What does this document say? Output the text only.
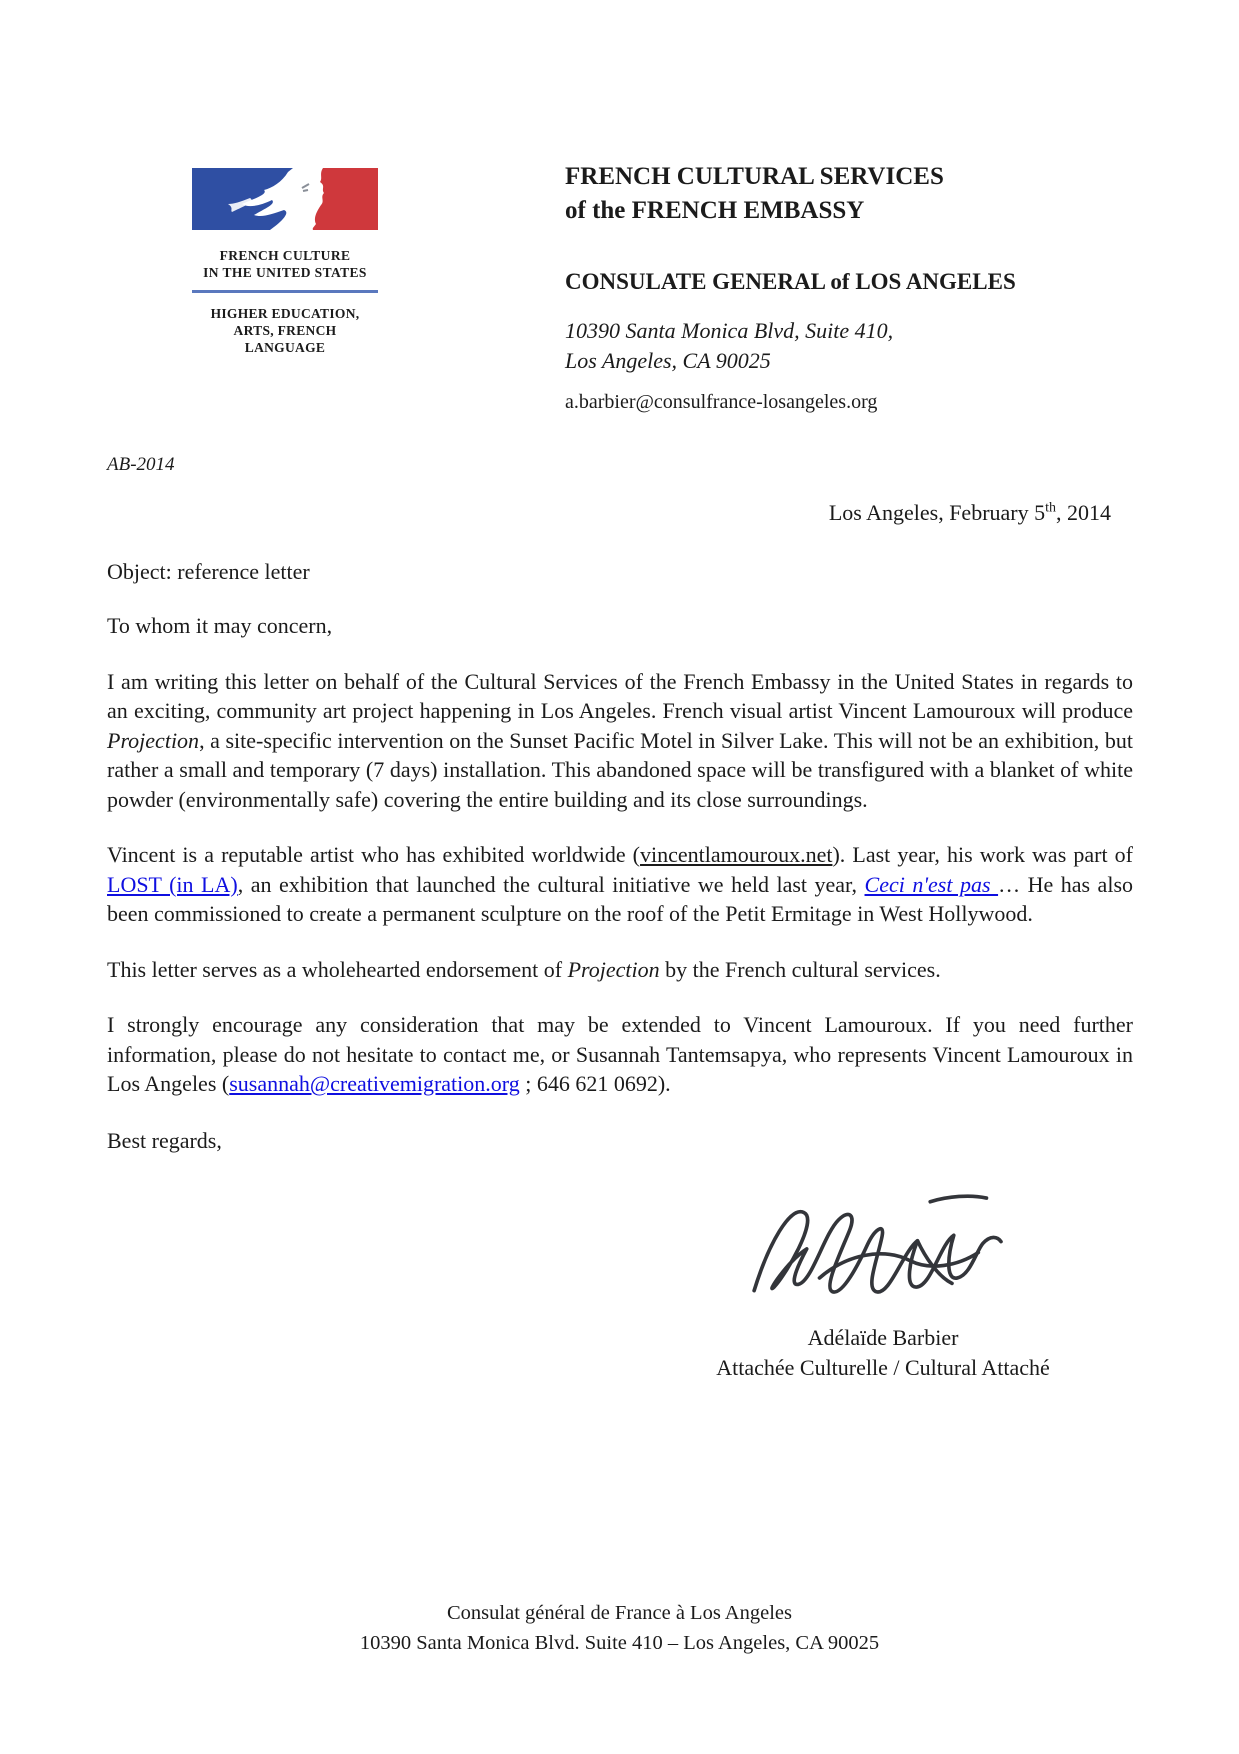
FRENCH CULTURE
IN THE UNITED STATES
HIGHER EDUCATION,
ARTS, FRENCH LANGUAGE
FRENCH CULTURAL SERVICES
of the FRENCH EMBASSY
CONSULATE GENERAL of LOS ANGELES
10390 Santa Monica Blvd, Suite 410,
Los Angeles, CA 90025
a.barbier@consulfrance-losangeles.org
AB-2014
Los Angeles, February 5th, 2014
Object: reference letter
To whom it may concern,

I am writing this letter on behalf of the Cultural Services of the French Embassy in the United States in regards to an exciting, community art project happening in Los Angeles. French visual artist Vincent Lamouroux will produce Projection, a site-specific intervention on the Sunset Pacific Motel in Silver Lake. This will not be an exhibition, but rather a small and temporary (7 days) installation. This abandoned space will be transfigured with a blanket of white powder (environmentally safe) covering the entire building and its close surroundings.

Vincent is a reputable artist who has exhibited worldwide (vincentlamouroux.net). Last year, his work was part of LOST (in LA), an exhibition that launched the cultural initiative we held last year, Ceci n'est pas … He has also been commissioned to create a permanent sculpture on the roof of the Petit Ermitage in West Hollywood.

This letter serves as a wholehearted endorsement of Projection by the French cultural services.

I strongly encourage any consideration that may be extended to Vincent Lamouroux. If you need further information, please do not hesitate to contact me, or Susannah Tantemsapya, who represents Vincent Lamouroux in Los Angeles (susannah@creativemigration.org ; 646 621 0692).

Best regards,
Adélaïde Barbier
Attachée Culturelle / Cultural Attaché
Consulat général de France à Los Angeles
10390 Santa Monica Blvd. Suite 410 – Los Angeles, CA 90025
